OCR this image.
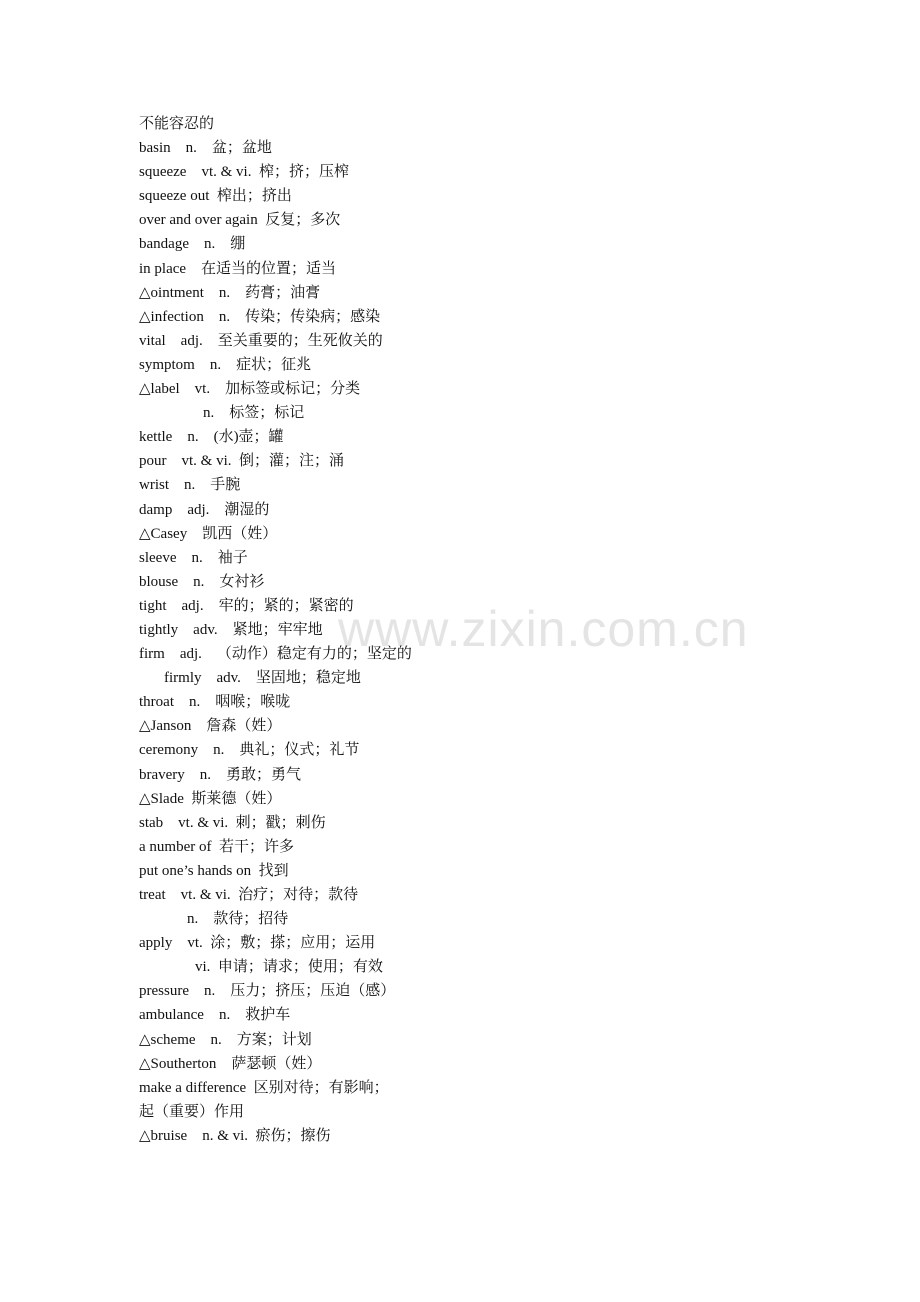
www.zixin.com.cn
不能容忍的
basin    n.    盆；盆地
squeeze    vt. & vi.  榨；挤；压榨
squeeze out  榨出；挤出
over and over again  反复；多次
bandage    n.    绷
in place    在适当的位置；适当
△ointment    n.    药膏；油膏
△infection    n.    传染；传染病；感染
vital    adj.    至关重要的；生死攸关的
symptom    n.    症状；征兆
△label    vt.    加标签或标记；分类
n.    标签；标记
kettle    n.    (水)壶；罐
pour    vt. & vi.  倒；灌；注；涌
wrist    n.    手腕
damp    adj.    潮湿的
△Casey    凯西（姓）
sleeve    n.    袖子
blouse    n.    女衬衫
tight    adj.    牢的；紧的；紧密的
tightly    adv.    紧地；牢牢地
firm    adj.    （动作）稳定有力的；坚定的
firmly    adv.    坚固地；稳定地
throat    n.    咽喉；喉咙
△Janson    詹森（姓）
ceremony    n.    典礼；仪式；礼节
bravery    n.    勇敢；勇气
△Slade  斯莱德（姓）
stab    vt. & vi.  刺；戳；刺伤
a number of  若干；许多
put one’s hands on  找到
treat    vt. & vi.  治疗；对待；款待
n.    款待；招待
apply    vt.  涂；敷；搽；应用；运用
vi.  申请；请求；使用；有效
pressure    n.    压力；挤压；压迫（感）
ambulance    n.    救护车
△scheme    n.    方案；计划
△Southerton    萨瑟顿（姓）
make a difference  区别对待；有影响；
起（重要）作用
△bruise    n. & vi.  瘀伤；擦伤
